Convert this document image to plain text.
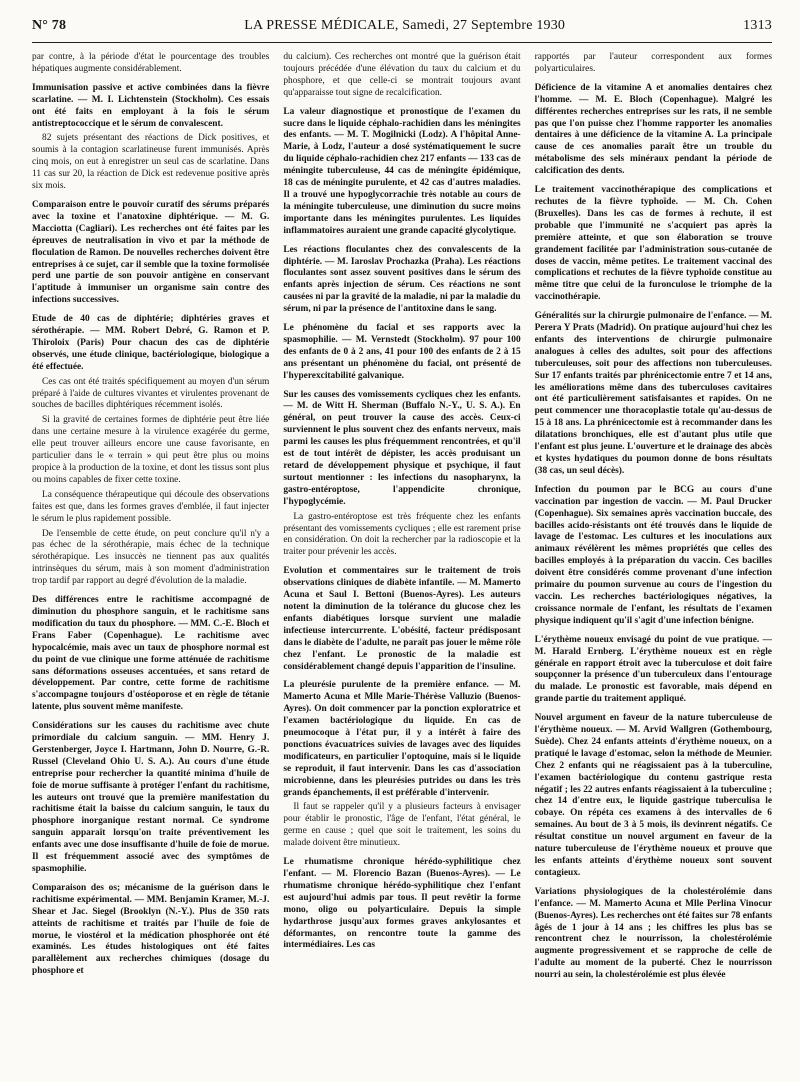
N° 78	LA PRESSE MÉDICALE, Samedi, 27 Septembre 1930	1313

par contre, à la période d'état le pourcentage des troubles hépatiques augmente considérablement.

Immunisation passive et active combinées dans la fièvre scarlatine. — M. I. Lichtenstein (Stockholm). Ces essais ont été faits en employant à la fois le sérum antistreptococcique et le sérum de convalescent.

82 sujets présentant des réactions de Dick positives, et soumis à la contagion scarlatineuse furent immunisés. Après cinq mois, on eut à enregistrer un seul cas de scarlatine. Dans 11 cas sur 20, la réaction de Dick est redevenue positive après six mois.

Comparaison entre le pouvoir curatif des sérums préparés avec la toxine et l'anatoxine diphtérique. — M. G. Macciotta (Cagliari). Les recherches ont été faites par les épreuves de neutralisation in vivo et par la méthode de floculation de Ramon. De nouvelles recherches doivent être entreprises à ce sujet, car il semble que la toxine formolisée perd une partie de son pouvoir antigène en conservant l'aptitude à immuniser un organisme sain contre des infections successives.

Etude de 40 cas de diphtérie; diphtéries graves et sérothérapie. — MM. Robert Debré, G. Ramon et P. Thiroloix (Paris) Pour chacun des cas de diphtérie observés, une étude clinique, bactériologique, biologique a été effectuée.

Ces cas ont été traités spécifiquement au moyen d'un sérum préparé à l'aide de cultures vivantes et virulentes provenant de souches de bacilles diphtériques récemment isolés.

Si la gravité de certaines formes de diphtérie peut être liée dans une certaine mesure à la virulence exagérée du germe, elle peut trouver ailleurs encore une cause favorisante, en particulier dans le « terrain » qui peut être plus ou moins propice à la production de la toxine, et dont les tissus sont plus ou moins capables de fixer cette toxine.

La conséquence thérapeutique qui découle des observations faites est que, dans les formes graves d'emblée, il faut injecter le sérum le plus rapidement possible.

De l'ensemble de cette étude, on peut conclure qu'il n'y a pas échec de la sérothérapie, mais échec de la technique sérothérapique. Les insuccès ne tiennent pas aux qualités intrinsèques du sérum, mais à son moment d'administration trop tardif par rapport au degré d'évolution de la maladie.

Des différences entre le rachitisme accompagné de diminution du phosphore sanguin, et le rachitisme sans modification du taux du phosphore. — MM. C.-E. Bloch et Frans Faber (Copenhague). Le rachitisme avec hypocalcémie, mais avec un taux de phosphore normal est du point de vue clinique une forme atténuée de rachitisme sans déformations osseuses accentuées, et sans retard de développement. Par contre, cette forme de rachitisme s'accompagne toujours d'ostéoporose et en règle de tétanie latente, plus souvent même manifeste.

Considérations sur les causes du rachitisme avec chute primordiale du calcium sanguin. — MM. Henry J. Gerstenberger, Joyce I. Hartmann, John D. Nourre, G.-R. Russel (Cleveland Ohio U. S. A.). Au cours d'une étude entreprise pour rechercher la quantité minima d'huile de foie de morue suffisante à protéger l'enfant du rachitisme, les auteurs ont trouvé que la première manifestation du rachitisme était la baisse du calcium sanguin, le taux du phosphore inorganique restant normal. Ce syndrome sanguin apparaît lorsqu'on traite préventivement les enfants avec une dose insuffisante d'huile de foie de morue. Il est fréquemment associé avec des symptômes de spasmophilie.

Comparaison des os; mécanisme de la guérison dans le rachitisme expérimental. — MM. Benjamin Kramer, M.-J. Shear et Jac. Siegel (Brooklyn (N.-Y.). Plus de 350 rats atteints de rachitisme et traités par l'huile de foie de morue, le viostérol et la médication phosphorée ont été examinés. Les études histologiques ont été faites parallèlement aux recherches chimiques (dosage du phosphore et

du calcium). Ces recherches ont montré que la guérison était toujours précédée d'une élévation du taux du calcium et du phosphore, et que celle-ci se montrait toujours avant qu'apparaisse tout signe de recalcification.

La valeur diagnostique et pronostique de l'examen du sucre dans le liquide céphalo-rachidien dans les méningites des enfants. — M. T. Mogilnicki (Lodz). A l'hôpital Anne-Marie, à Lodz, l'auteur a dosé systématiquement le sucre du liquide céphalo-rachidien chez 217 enfants — 133 cas de méningite tuberculeuse, 44 cas de méningite épidémique, 18 cas de méningite purulente, et 42 cas d'autres maladies. Il a trouvé une hypoglycorrachie très notable au cours de la méningite tuberculeuse, une diminution du sucre moins importante dans les méningites purulentes. Les liquides inflammatoires auraient une grande capacité glycolytique.

Les réactions floculantes chez des convalescents de la diphtérie. — M. Iaroslav Prochazka (Praha). Les réactions floculantes sont assez souvent positives dans le sérum des enfants après injection de sérum. Ces réactions ne sont causées ni par la gravité de la maladie, ni par la maladie du sérum, ni par la présence de l'antitoxine dans le sang.

Le phénomène du facial et ses rapports avec la spasmophilie. — M. Vernstedt (Stockholm). 97 pour 100 des enfants de 0 à 2 ans, 41 pour 100 des enfants de 2 à 15 ans présentant un phénomène du facial, ont présenté de l'hyperexcitabilité galvanique.

Sur les causes des vomissements cycliques chez les enfants. — M. de Witt H. Sherman (Buffalo N.-Y., U. S. A.). En général, on peut trouver la cause des accès. Ceux-ci surviennent le plus souvent chez des enfants nerveux, mais parmi les causes les plus fréquemment rencontrées, et qu'il est de tout intérêt de dépister, les accès produisant un retard de développement physique et psychique, il faut surtout mentionner : les infections du nasopharynx, la gastro-entéroptose, l'appendicite chronique, l'hypoglycémie.

La gastro-entéroptose est très fréquente chez les enfants présentant des vomissements cycliques ; elle est rarement prise en considération. On doit la rechercher par la radioscopie et la traiter pour prévenir les accès.

Evolution et commentaires sur le traitement de trois observations cliniques de diabète infantile. — M. Mamerto Acuna et Saul I. Bettoni (Buenos-Ayres). Les auteurs notent la diminution de la tolérance du glucose chez les enfants diabétiques lorsque survient une maladie infectieuse intercurrente. L'obésité, facteur prédisposant dans le diabète de l'adulte, ne paraît pas jouer le même rôle chez l'enfant. Le pronostic de la maladie est considérablement changé depuis l'apparition de l'insuline.

La pleurésie purulente de la première enfance. — M. Mamerto Acuna et Mlle Marie-Thérèse Valluzio (Buenos-Ayres). On doit commencer par la ponction exploratrice et l'examen bactériologique du liquide. En cas de pneumocoque à l'état pur, il y a intérêt à faire des ponctions évacuatrices suivies de lavages avec des liquides modificateurs, en particulier l'optoquine, mais si le liquide se reproduit, il faut intervenir. Dans les cas d'association microbienne, dans les pleurésies putrides ou dans les très grands épanchements, il est préférable d'intervenir.

Il faut se rappeler qu'il y a plusieurs facteurs à envisager pour établir le pronostic, l'âge de l'enfant, l'état général, le germe en cause ; quel que soit le traitement, les soins du malade doivent être minutieux.

Le rhumatisme chronique hérédo-syphilitique chez l'enfant. — M. Florencio Bazan (Buenos-Ayres). — Le rhumatisme chronique hérédo-syphilitique chez l'enfant est aujourd'hui admis par tous. Il peut revêtir la forme mono, oligo ou polyarticulaire. Depuis la simple hydarthrose jusqu'aux formes graves ankylosantes et déformantes, on rencontre toute la gamme des intermédiaires. Les cas

rapportés par l'auteur correspondent aux formes polyarticulaires.

Déficience de la vitamine A et anomalies dentaires chez l'homme. — M. E. Bloch (Copenhague). Malgré les différentes recherches entreprises sur les rats, il ne semble pas que l'on puisse chez l'homme rapporter les anomalies dentaires à une déficience de la vitamine A. La principale cause de ces anomalies paraît être un trouble du métabolisme des sels minéraux pendant la période de calcification des dents.

Le traitement vaccinothérapique des complications et rechutes de la fièvre typhoïde. — M. Ch. Cohen (Bruxelles). Dans les cas de formes à rechute, il est probable que l'immunité ne s'acquiert pas après la première atteinte, et que son élaboration se trouve grandement facilitée par l'administration sous-cutanée de doses de vaccin, même petites. Le traitement vaccinal des complications et rechutes de la fièvre typhoïde constitue au même titre que celui de la furonculose le triomphe de la vaccinothérapie.

Généralités sur la chirurgie pulmonaire de l'enfance. — M. Perera Y Prats (Madrid). On pratique aujourd'hui chez les enfants des interventions de chirurgie pulmonaire analogues à celles des adultes, soit pour des affections tuberculeuses, soit pour des affections non tuberculeuses. Sur 17 enfants traités par phrénicectomie entre 7 et 14 ans, les améliorations même dans des tuberculoses cavitaires ont été particulièrement satisfaisantes et rapides. On ne peut commencer une thoracoplastie totale qu'au-dessus de 15 à 18 ans. La phrénicectomie est à recommander dans les dilatations bronchiques, elle est d'autant plus utile que l'enfant est plus jeune. L'ouverture et le drainage des abcès et kystes hydatiques du poumon donne de bons résultats (38 cas, un seul décès).

Infection du poumon par le BCG au cours d'une vaccination par ingestion de vaccin. — M. Paul Drucker (Copenhague). Six semaines après vaccination buccale, des bacilles acido-résistants ont été trouvés dans le liquide de lavage de l'estomac. Les cultures et les inoculations aux animaux révélèrent les mêmes propriétés que celles des bacilles employés à la préparation du vaccin. Ces bacilles doivent être considérés comme provenant d'une infection primaire du poumon survenue au cours de l'ingestion du vaccin. Les recherches bactériologiques négatives, la croissance normale de l'enfant, les résultats de l'examen physique indiquent qu'il s'agit d'une infection bénigne.

L'érythème noueux envisagé du point de vue pratique. — M. Harald Ernberg. L'érythème noueux est en règle générale en rapport étroit avec la tuberculose et doit faire soupçonner la présence d'un tuberculeux dans l'entourage du malade. Le pronostic est favorable, mais dépend en grande partie du traitement appliqué.

Nouvel argument en faveur de la nature tuberculeuse de l'érythème noueux. — M. Arvid Wallgren (Gothembourg, Suède). Chez 24 enfants atteints d'érythème noueux, on a pratiqué le lavage d'estomac, selon la méthode de Meunier. Chez 2 enfants qui ne réagissaient pas à la tuberculine, l'examen bactériologique du contenu gastrique resta négatif ; les 22 autres enfants réagissaient à la tuberculine ; chez 14 d'entre eux, le liquide gastrique tuberculisa le cobaye. On répéta ces examens à des intervalles de 6 semaines. Au bout de 3 à 5 mois, ils devinrent négatifs. Ce résultat constitue un nouvel argument en faveur de la nature tuberculeuse de l'érythème noueux et prouve que les enfants atteints d'érythème noueux sont souvent contagieux.

Variations physiologiques de la cholestérolémie dans l'enfance. — M. Mamerto Acuna et Mlle Perlina Vinocur (Buenos-Ayres). Les recherches ont été faites sur 78 enfants âgés de 1 jour à 14 ans ; les chiffres les plus bas se rencontrent chez le nourrisson, la cholestérolémie augmente progressivement et se rapproche de celle de l'adulte au moment de la puberté. Chez le nourrisson nourri au sein, la cholestérolémie est plus élevée
